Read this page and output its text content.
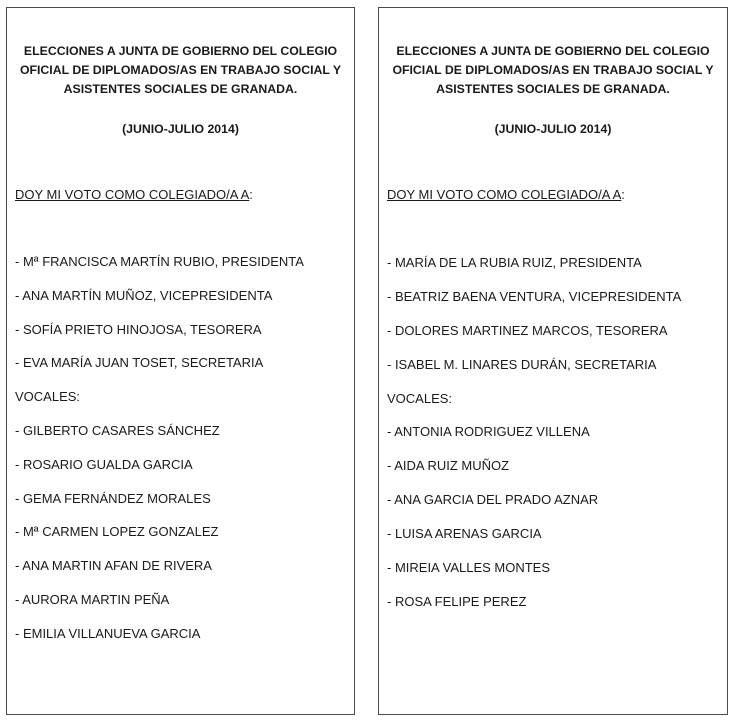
ELECCIONES A JUNTA DE GOBIERNO DEL COLEGIO
OFICIAL DE DIPLOMADOS/AS EN TRABAJO SOCIAL Y
ASISTENTES SOCIALES DE GRANADA.
(JUNIO-JULIO 2014)
DOY MI VOTO COMO COLEGIADO/A A:
- Mª FRANCISCA MARTÍN RUBIO, PRESIDENTA
- ANA MARTÍN MUÑOZ, VICEPRESIDENTA
- SOFÍA PRIETO HINOJOSA, TESORERA
- EVA MARÍA JUAN TOSET, SECRETARIA
VOCALES:
- GILBERTO CASARES SÁNCHEZ
- ROSARIO GUALDA GARCIA
- GEMA FERNÁNDEZ MORALES
- Mª CARMEN LOPEZ GONZALEZ
- ANA MARTIN AFAN DE RIVERA
- AURORA MARTIN PEÑA
- EMILIA VILLANUEVA GARCIA
ELECCIONES A JUNTA DE GOBIERNO DEL COLEGIO
OFICIAL DE DIPLOMADOS/AS EN TRABAJO SOCIAL Y
ASISTENTES SOCIALES DE GRANADA.
(JUNIO-JULIO 2014)
DOY MI VOTO COMO COLEGIADO/A A:
- MARÍA DE LA RUBIA RUIZ, PRESIDENTA
- BEATRIZ BAENA VENTURA, VICEPRESIDENTA
- DOLORES MARTINEZ MARCOS, TESORERA
- ISABEL M. LINARES DURÁN, SECRETARIA
VOCALES:
- ANTONIA RODRIGUEZ VILLENA
- AIDA RUIZ MUÑOZ
- ANA GARCIA DEL PRADO AZNAR
- LUISA ARENAS GARCIA
- MIREIA VALLES MONTES
- ROSA FELIPE PEREZ
